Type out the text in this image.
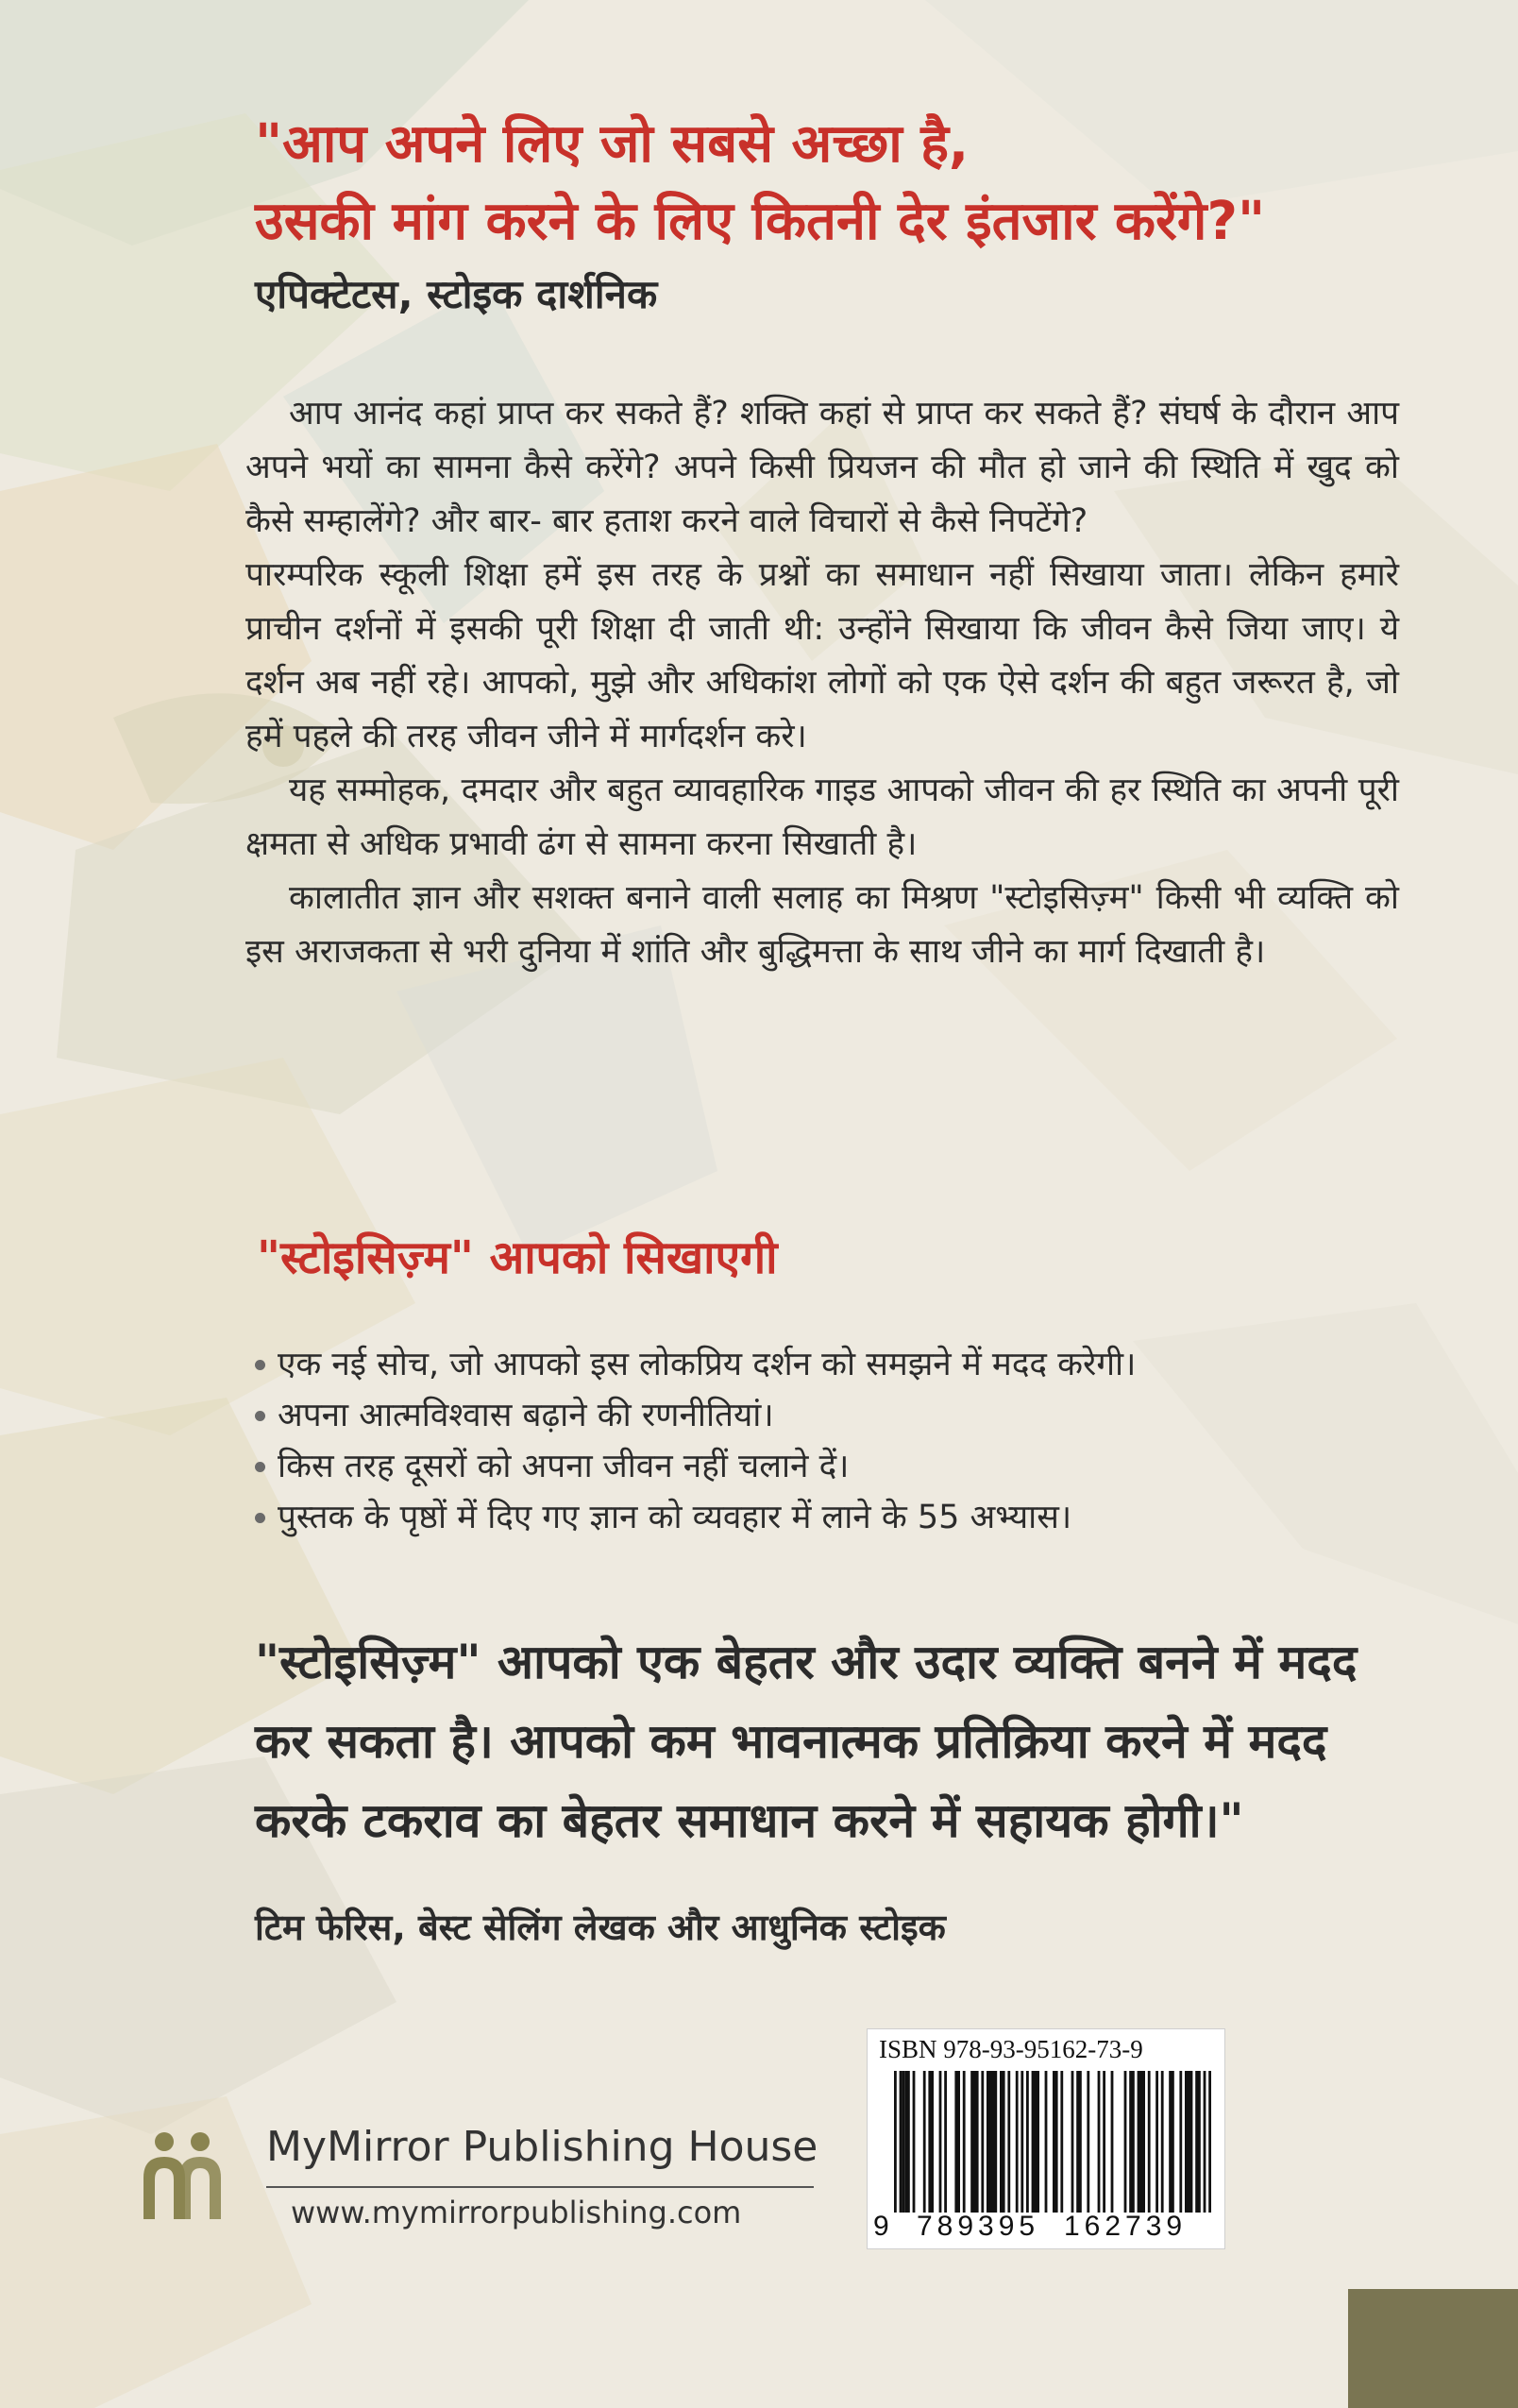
"आप अपने लिए जो सबसे अच्छा है,
उसकी मांग करने के लिए कितनी देर इंतजार करेंगे?"
एपिक्टेटस, स्टोइक दार्शनिक

आप आनंद कहां प्राप्त कर सकते हैं? शक्ति कहां से प्राप्त कर सकते हैं? संघर्ष के दौरान आप अपने भयों का सामना कैसे करेंगे? अपने किसी प्रियजन की मौत हो जाने की स्थिति में खुद को कैसे सम्हालेंगे? और बार- बार हताश करने वाले विचारों से कैसे निपटेंगे?

पारम्परिक स्कूली शिक्षा हमें इस तरह के प्रश्नों का समाधान नहीं सिखाया जाता। लेकिन हमारे प्राचीन दर्शनों में इसकी पूरी शिक्षा दी जाती थी: उन्होंने सिखाया कि जीवन कैसे जिया जाए। ये दर्शन अब नहीं रहे। आपको, मुझे और अधिकांश लोगों को एक ऐसे दर्शन की बहुत जरूरत है, जो हमें पहले की तरह जीवन जीने में मार्गदर्शन करे।

यह सम्मोहक, दमदार और बहुत व्यावहारिक गाइड आपको जीवन की हर स्थिति का अपनी पूरी क्षमता से अधिक प्रभावी ढंग से सामना करना सिखाती है।

कालातीत ज्ञान और सशक्त बनाने वाली सलाह का मिश्रण "स्टोइसिज़्म" किसी भी व्यक्ति को इस अराजकता से भरी दुनिया में शांति और बुद्धिमत्ता के साथ जीने का मार्ग दिखाती है।

"स्टोइसिज़्म" आपको सिखाएगी
एक नई सोच, जो आपको इस लोकप्रिय दर्शन को समझने में मदद करेगी।
अपना आत्मविश्वास बढ़ाने की रणनीतियां।
किस तरह दूसरों को अपना जीवन नहीं चलाने दें।
पुस्तक के पृष्ठों में दिए गए ज्ञान को व्यवहार में लाने के 55 अभ्यास।
"स्टोइसिज़्म" आपको एक बेहतर और उदार व्यक्ति बनने में मदद
कर सकता है। आपको कम भावनात्मक प्रतिक्रिया करने में मदद
करके टकराव का बेहतर समाधान करने में सहायक होगी।"
टिम फेरिस, बेस्ट सेलिंग लेखक और आधुनिक स्टोइक
MyMirror Publishing House
www.mymirrorpublishing.com
ISBN 978-93-95162-73-9
9 789395 162739
